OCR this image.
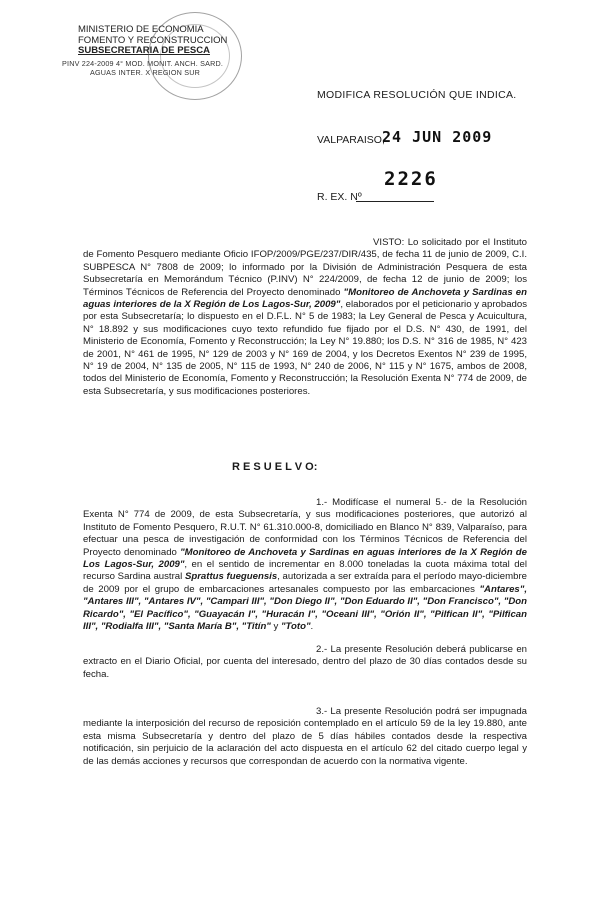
MINISTERIO DE ECONOMIA
FOMENTO Y RECONSTRUCCION
SUBSECRETARIA DE PESCA
PINV 224-2009 4° MOD. MONIT. ANCH. SARD.
AGUAS INTER. X REGION SUR
MODIFICA RESOLUCIÓN QUE INDICA.
VALPARAISO,
24 JUN 2009
R. EX. Nº
2226
VISTO: Lo solicitado por el Instituto de Fomento Pesquero mediante Oficio IFOP/2009/PGE/237/DIR/435, de fecha 11 de junio de 2009, C.I. SUBPESCA N° 7808 de 2009; lo informado por la División de Administración Pesquera de esta Subsecretaría en Memorándum Técnico (P.INV) N° 224/2009, de fecha 12 de junio de 2009; los Términos Técnicos de Referencia del Proyecto denominado "Monitoreo de Anchoveta y Sardinas en aguas interiores de la X Región de Los Lagos-Sur, 2009", elaborados por el peticionario y aprobados por esta Subsecretaría; lo dispuesto en el D.F.L. N° 5 de 1983; la Ley General de Pesca y Acuicultura, N° 18.892 y sus modificaciones cuyo texto refundido fue fijado por el D.S. N° 430, de 1991, del Ministerio de Economía, Fomento y Reconstrucción; la Ley N° 19.880; los D.S. N° 316 de 1985, N° 423 de 2001, N° 461 de 1995, N° 129 de 2003 y N° 169 de 2004, y los Decretos Exentos N° 239 de 1995, N° 19 de 2004, N° 135 de 2005, N° 115 de 1993, N° 240 de 2006, N° 115 y N° 1675, ambos de 2008, todos del Ministerio de Economía, Fomento y Reconstrucción; la Resolución Exenta N° 774 de 2009, de esta Subsecretaría, y sus modificaciones posteriores.
R E S U E L V O:
1.- Modifícase el numeral 5.- de la Resolución Exenta N° 774 de 2009, de esta Subsecretaría, y sus modificaciones posteriores, que autorizó al Instituto de Fomento Pesquero, R.U.T. N° 61.310.000-8, domiciliado en Blanco N° 839, Valparaíso, para efectuar una pesca de investigación de conformidad con los Términos Técnicos de Referencia del Proyecto denominado "Monitoreo de Anchoveta y Sardinas en aguas interiores de la X Región de Los Lagos-Sur, 2009", en el sentido de incrementar en 8.000 toneladas la cuota máxima total del recurso Sardina austral Sprattus fueguensis, autorizada a ser extraída para el período mayo-diciembre de 2009 por el grupo de embarcaciones artesanales compuesto por las embarcaciones "Antares", "Antares III", "Antares IV", "Campari III", "Don Diego II", "Don Eduardo II", "Don Francisco", "Don Ricardo", "El Pacífico", "Guayacán I", "Huracán I", "Oceani III", "Orión II", "Pilfican II", "Pilfican III", "Rodialfa III", "Santa María B", "Titín" y "Toto".
2.- La presente Resolución deberá publicarse en extracto en el Diario Oficial, por cuenta del interesado, dentro del plazo de 30 días contados desde su fecha.
3.- La presente Resolución podrá ser impugnada mediante la interposición del recurso de reposición contemplado en el artículo 59 de la ley 19.880, ante esta misma Subsecretaría y dentro del plazo de 5 días hábiles contados desde la respectiva notificación, sin perjuicio de la aclaración del acto dispuesta en el artículo 62 del citado cuerpo legal y de las demás acciones y recursos que correspondan de acuerdo con la normativa vigente.
